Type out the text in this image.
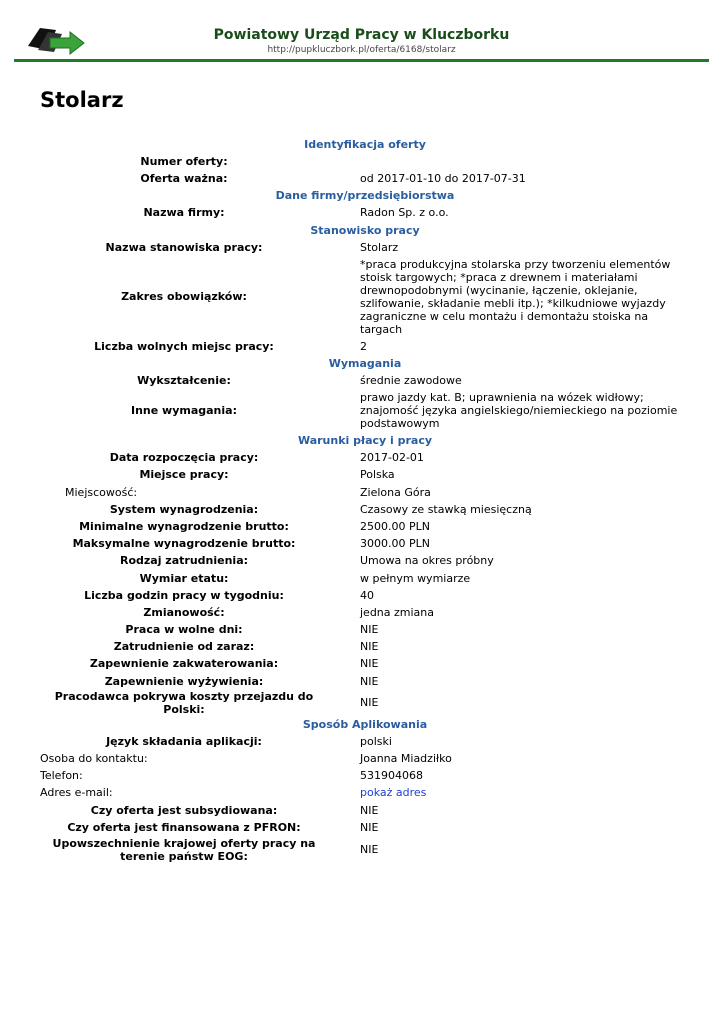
Powiatowy Urząd Pracy w Kluczborku
http://pupkluczbork.pl/oferta/6168/stolarz
Stolarz
Identyfikacja oferty
Numer oferty:
Oferta ważna:	od 2017-01-10 do 2017-07-31
Dane firmy/przedsiębiorstwa
Nazwa firmy:	Radon Sp. z o.o.
Stanowisko pracy
Nazwa stanowiska pracy:	Stolarz
Zakres obowiązków:
*praca produkcyjna stolarska przy tworzeniu elementów stoisk targowych; *praca z drewnem i materiałami drewnopodobnymi (wycinanie, łączenie, oklejanie, szlifowanie, składanie mebli itp.); *kilkudniowe wyjazdy zagraniczne w celu montażu i demontażu stoiska na targach
Liczba wolnych miejsc pracy:	2
Wymagania
Wykształcenie:	średnie zawodowe
Inne wymagania:
prawo jazdy kat. B; uprawnienia na wózek widłowy; znajomość języka angielskiego/niemieckiego na poziomie podstawowym
Warunki płacy i pracy
Data rozpoczęcia pracy:	2017-02-01
Miejsce pracy:	Polska
Miejscowość:	Zielona Góra
System wynagrodzenia:	Czasowy ze stawką miesięczną
Minimalne wynagrodzenie brutto:	2500.00 PLN
Maksymalne wynagrodzenie brutto:	3000.00 PLN
Rodzaj zatrudnienia:	Umowa na okres próbny
Wymiar etatu:	w pełnym wymiarze
Liczba godzin pracy w tygodniu:	40
Zmianowość:	jedna zmiana
Praca w wolne dni:	NIE
Zatrudnienie od zaraz:	NIE
Zapewnienie zakwaterowania:	NIE
Zapewnienie wyżywienia:	NIE
Pracodawca pokrywa koszty przejazdu do Polski:	NIE
Sposób Aplikowania
Język składania aplikacji:	polski
Osoba do kontaktu:	Joanna Miadziłko
Telefon:	531904068
Adres e-mail:	pokaż adres
Czy oferta jest subsydiowana:	NIE
Czy oferta jest finansowana z PFRON:	NIE
Upowszechnienie krajowej oferty pracy na terenie państw EOG:	NIE
